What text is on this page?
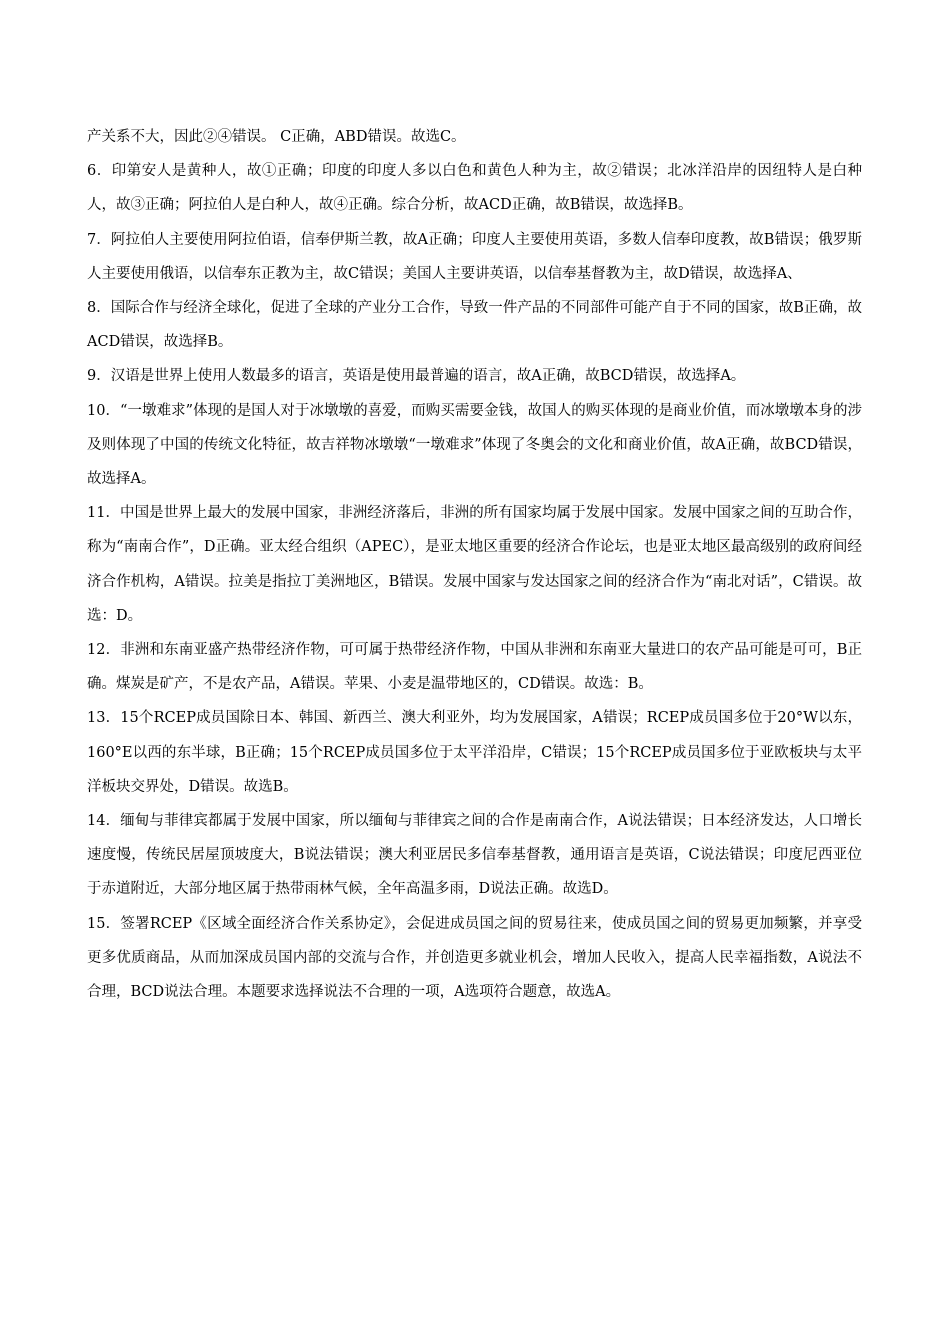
产关系不大，因此②④错误。 C正确，ABD错误。故选C。

6．印第安人是黄种人，故①正确；印度的印度人多以白色和黄色人种为主，故②错误；北冰洋沿岸的因纽特人是白种人，故③正确；阿拉伯人是白种人，故④正确。综合分析，故ACD正确，故B错误，故选择B。

7．阿拉伯人主要使用阿拉伯语，信奉伊斯兰教，故A正确；印度人主要使用英语，多数人信奉印度教，故B错误；俄罗斯人主要使用俄语，以信奉东正教为主，故C错误；美国人主要讲英语，以信奉基督教为主，故D错误，故选择A、

8．国际合作与经济全球化，促进了全球的产业分工合作，导致一件产品的不同部件可能产自于不同的国家，故B正确，故ACD错误，故选择B。

9．汉语是世界上使用人数最多的语言，英语是使用最普遍的语言，故A正确，故BCD错误，故选择A。

10．“一墩难求”体现的是国人对于冰墩墩的喜爱，而购买需要金钱，故国人的购买体现的是商业价值，而冰墩墩本身的涉及则体现了中国的传统文化特征，故吉祥物冰墩墩“一墩难求”体现了冬奥会的文化和商业价值，故A正确，故BCD错误，故选择A。

11．中国是世界上最大的发展中国家，非洲经济落后，非洲的所有国家均属于发展中国家。发展中国家之间的互助合作，称为“南南合作”，D正确。亚太经合组织（APEC），是亚太地区重要的经济合作论坛，也是亚太地区最高级别的政府间经济合作机构，A错误。拉美是指拉丁美洲地区，B错误。发展中国家与发达国家之间的经济合作为“南北对话”，C错误。故选：D。

12．非洲和东南亚盛产热带经济作物，可可属于热带经济作物，中国从非洲和东南亚大量进口的农产品可能是可可，B正确。煤炭是矿产，不是农产品，A错误。苹果、小麦是温带地区的，CD错误。故选：B。

13．15个RCEP成员国除日本、韩国、新西兰、澳大利亚外，均为发展国家，A错误；RCEP成员国多位于20°W以东，160°E以西的东半球，B正确；15个RCEP成员国多位于太平洋沿岸，C错误；15个RCEP成员国多位于亚欧板块与太平洋板块交界处，D错误。故选B。

14．缅甸与菲律宾都属于发展中国家，所以缅甸与菲律宾之间的合作是南南合作，A说法错误；日本经济发达，人口增长速度慢，传统民居屋顶坡度大，B说法错误；澳大利亚居民多信奉基督教，通用语言是英语，C说法错误；印度尼西亚位于赤道附近，大部分地区属于热带雨林气候，全年高温多雨，D说法正确。故选D。

15．签署RCEP《区域全面经济合作关系协定》，会促进成员国之间的贸易往来，使成员国之间的贸易更加频繁，并享受更多优质商品，从而加深成员国内部的交流与合作，并创造更多就业机会，增加人民收入，提高人民幸福指数，A说法不合理，BCD说法合理。本题要求选择说法不合理的一项，A选项符合题意，故选A。
